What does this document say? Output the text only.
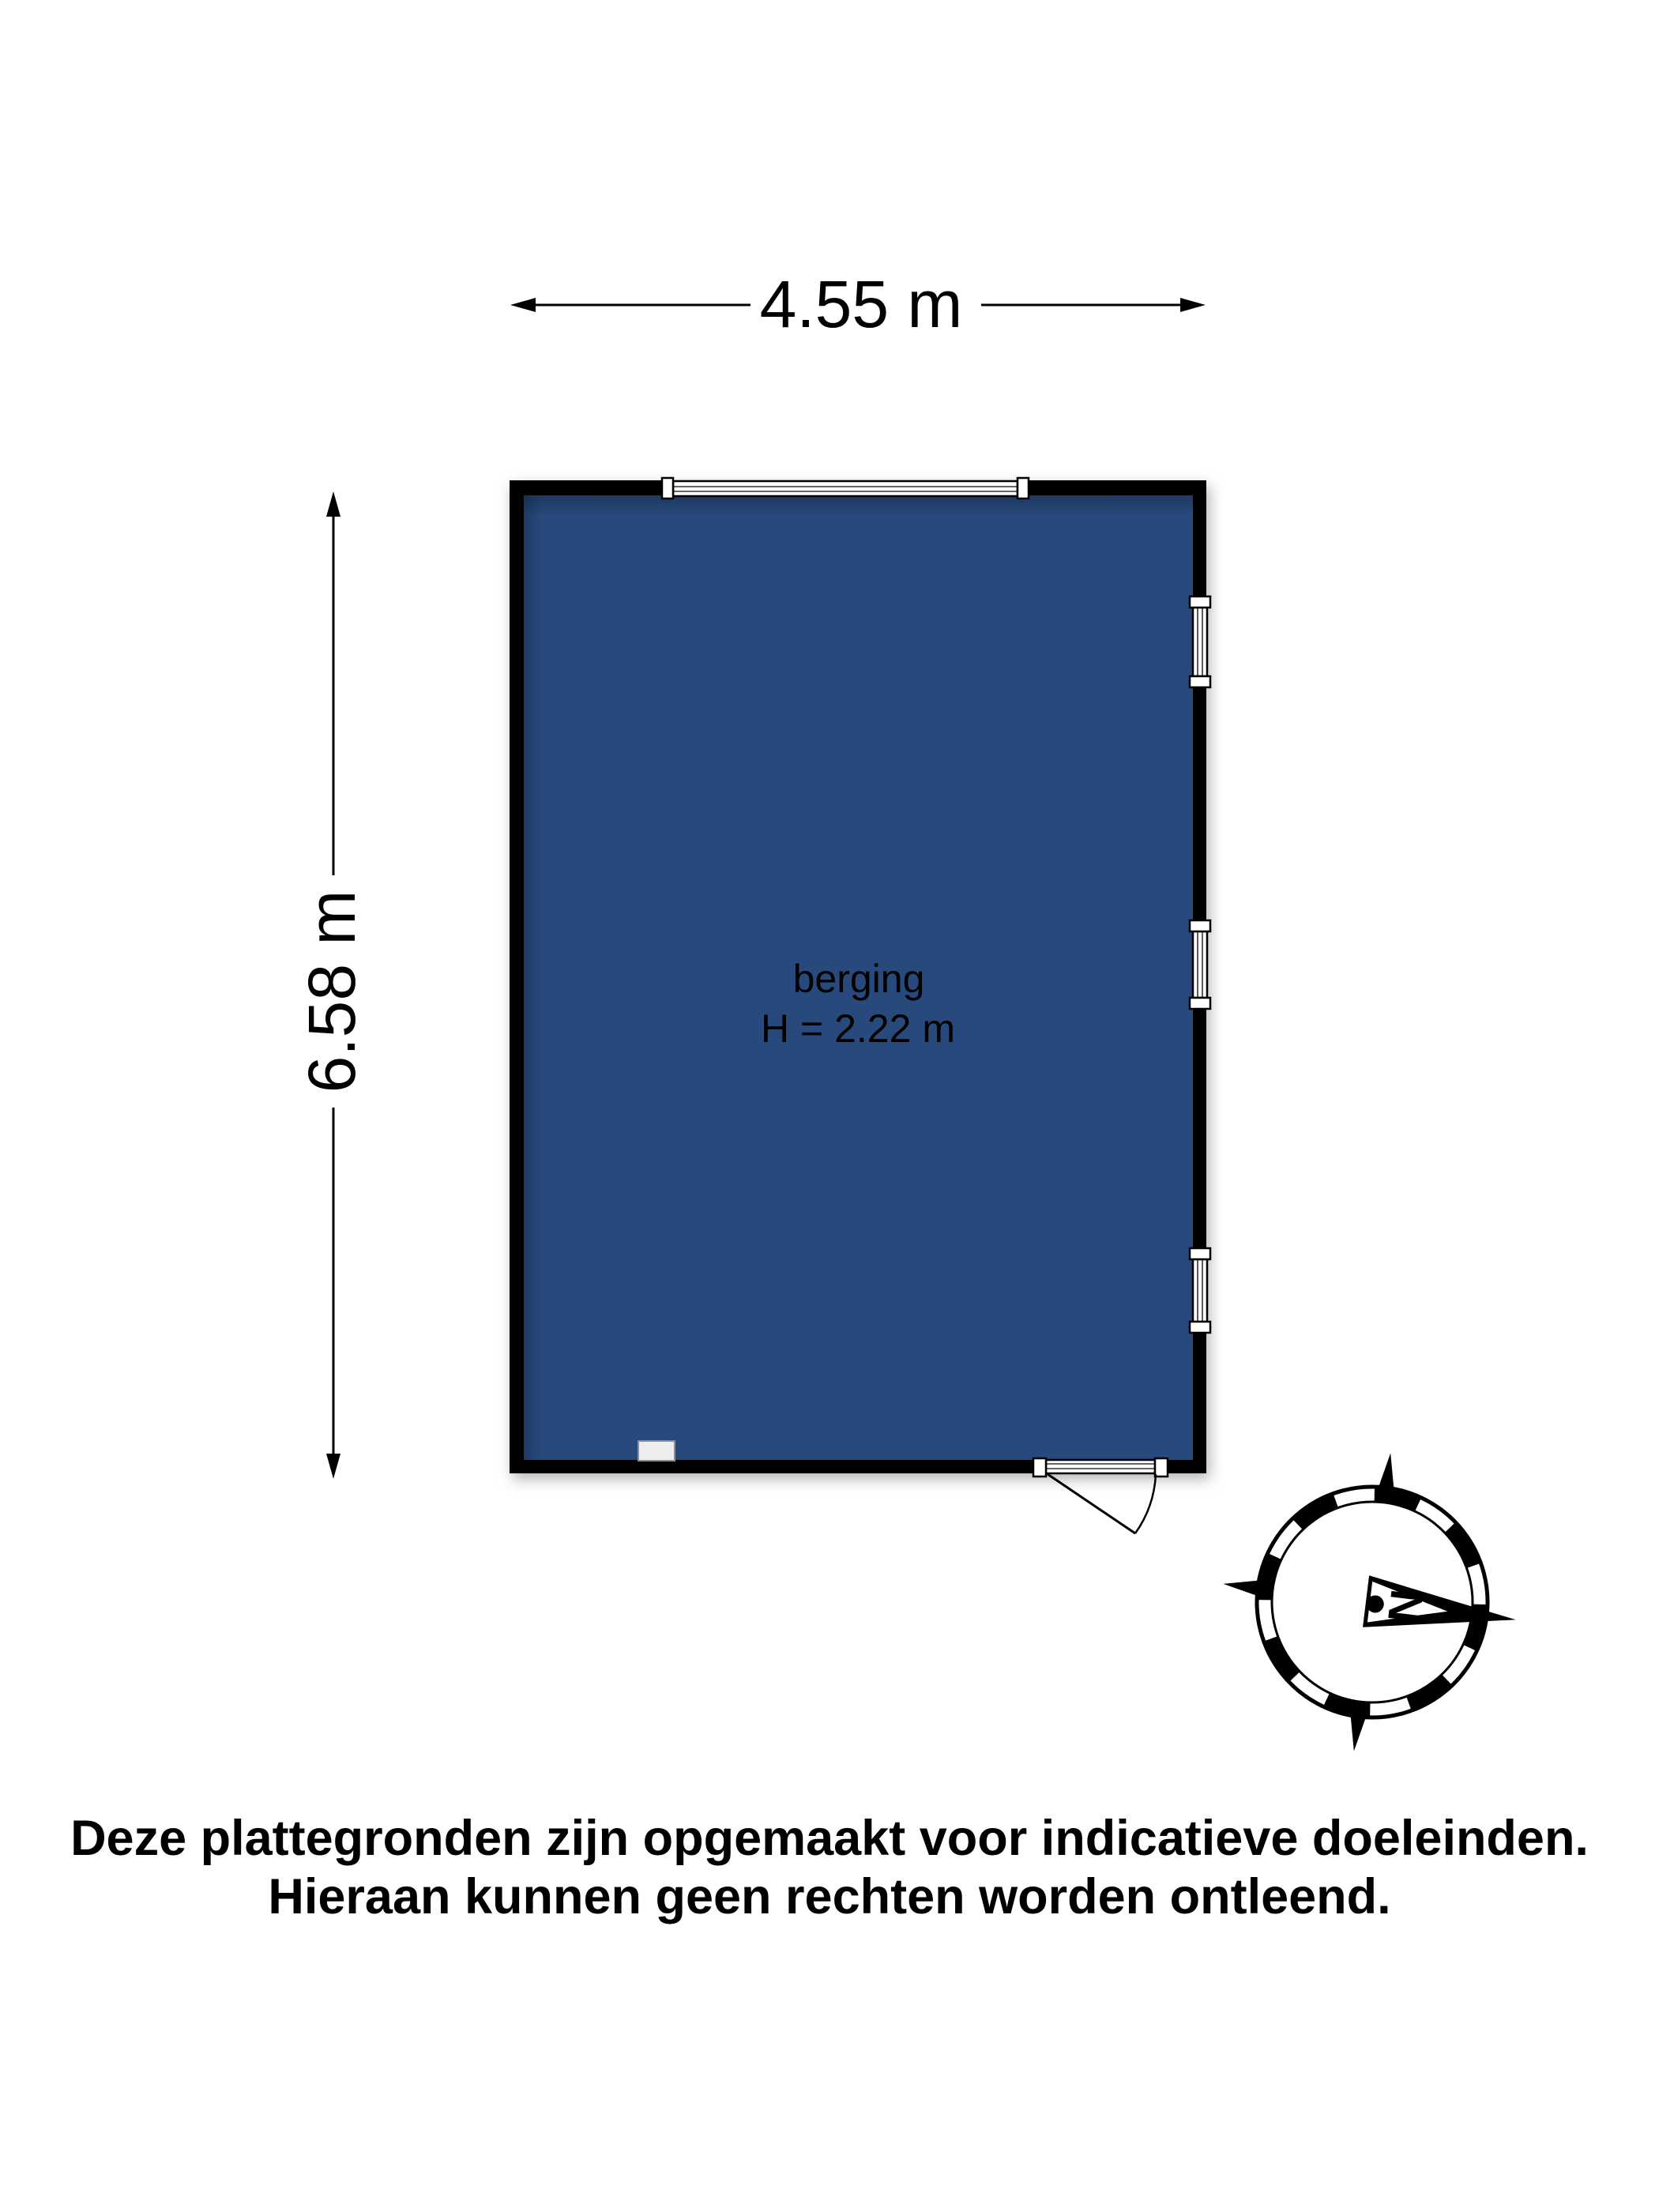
4.55 m
6.58 m	berging
H = 2.22 m
N
Deze plattegronden zijn opgemaakt voor indicatieve doeleinden.
Hieraan kunnen geen rechten worden ontleend.
